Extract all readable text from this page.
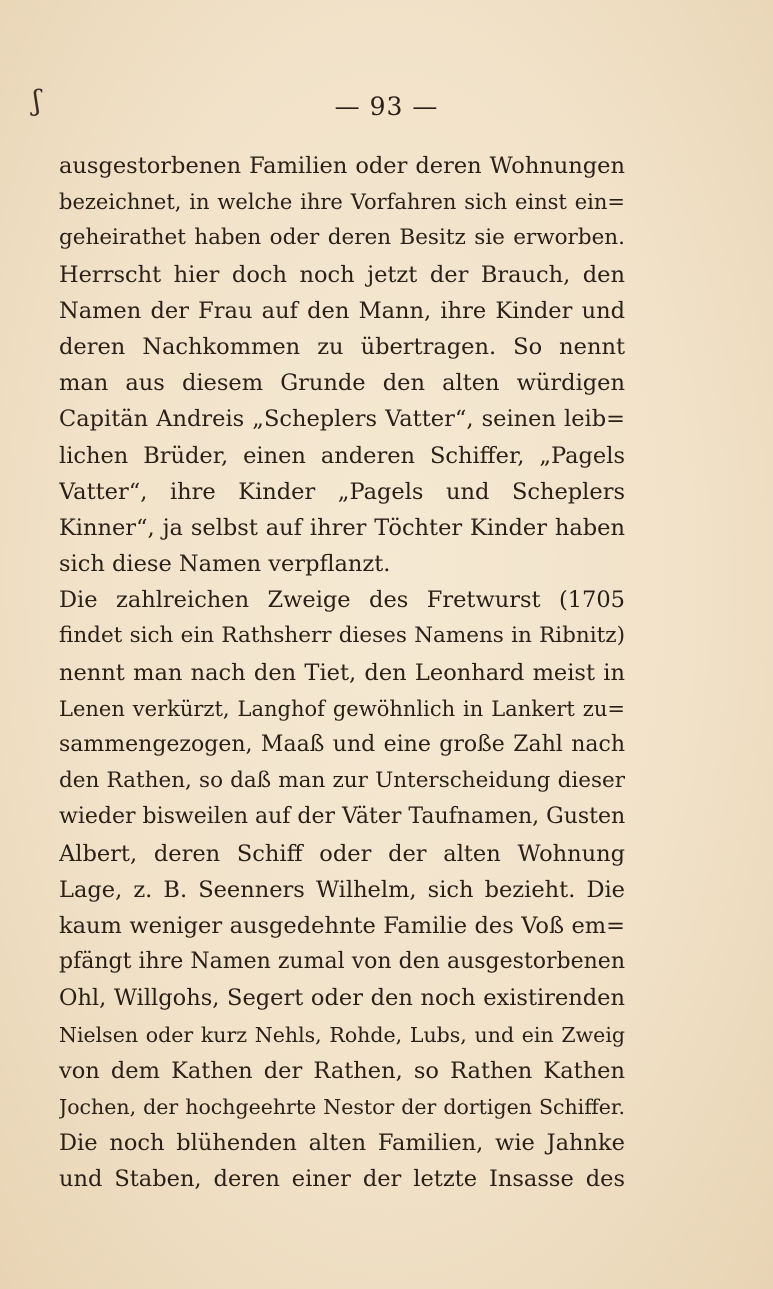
ʃ	— 93 —
ausgestorbenen Familien oder deren Wohnungen
bezeichnet, in welche ihre Vorfahren sich einst ein=
geheirathet haben oder deren Besitz sie erworben.
Herrscht hier doch noch jetzt der Brauch, den
Namen der Frau auf den Mann, ihre Kinder und
deren Nachkommen zu übertragen. So nennt
man aus diesem Grunde den alten würdigen
Capitän Andreis „Scheplers Vatter“, seinen leib=
lichen Brüder, einen anderen Schiffer, „Pagels
Vatter“, ihre Kinder „Pagels und Scheplers
Kinner“, ja selbst auf ihrer Töchter Kinder haben
sich diese Namen verpflanzt.
Die zahlreichen Zweige des Fretwurst (1705
findet sich ein Rathsherr dieses Namens in Ribnitz)
nennt man nach den Tiet, den Leonhard meist in
Lenen verkürzt, Langhof gewöhnlich in Lankert zu=
sammengezogen, Maaß und eine große Zahl nach
den Rathen, so daß man zur Unterscheidung dieser
wieder bisweilen auf der Väter Taufnamen, Gusten
Albert, deren Schiff oder der alten Wohnung
Lage, z. B. Seenners Wilhelm, sich bezieht. Die
kaum weniger ausgedehnte Familie des Voß em=
pfängt ihre Namen zumal von den ausgestorbenen
Ohl, Willgohs, Segert oder den noch existirenden
Nielsen oder kurz Nehls, Rohde, Lubs, und ein Zweig
von dem Kathen der Rathen, so Rathen Kathen
Jochen, der hochgeehrte Nestor der dortigen Schiffer.
Die noch blühenden alten Familien, wie Jahnke
und Staben, deren einer der letzte Insasse des
